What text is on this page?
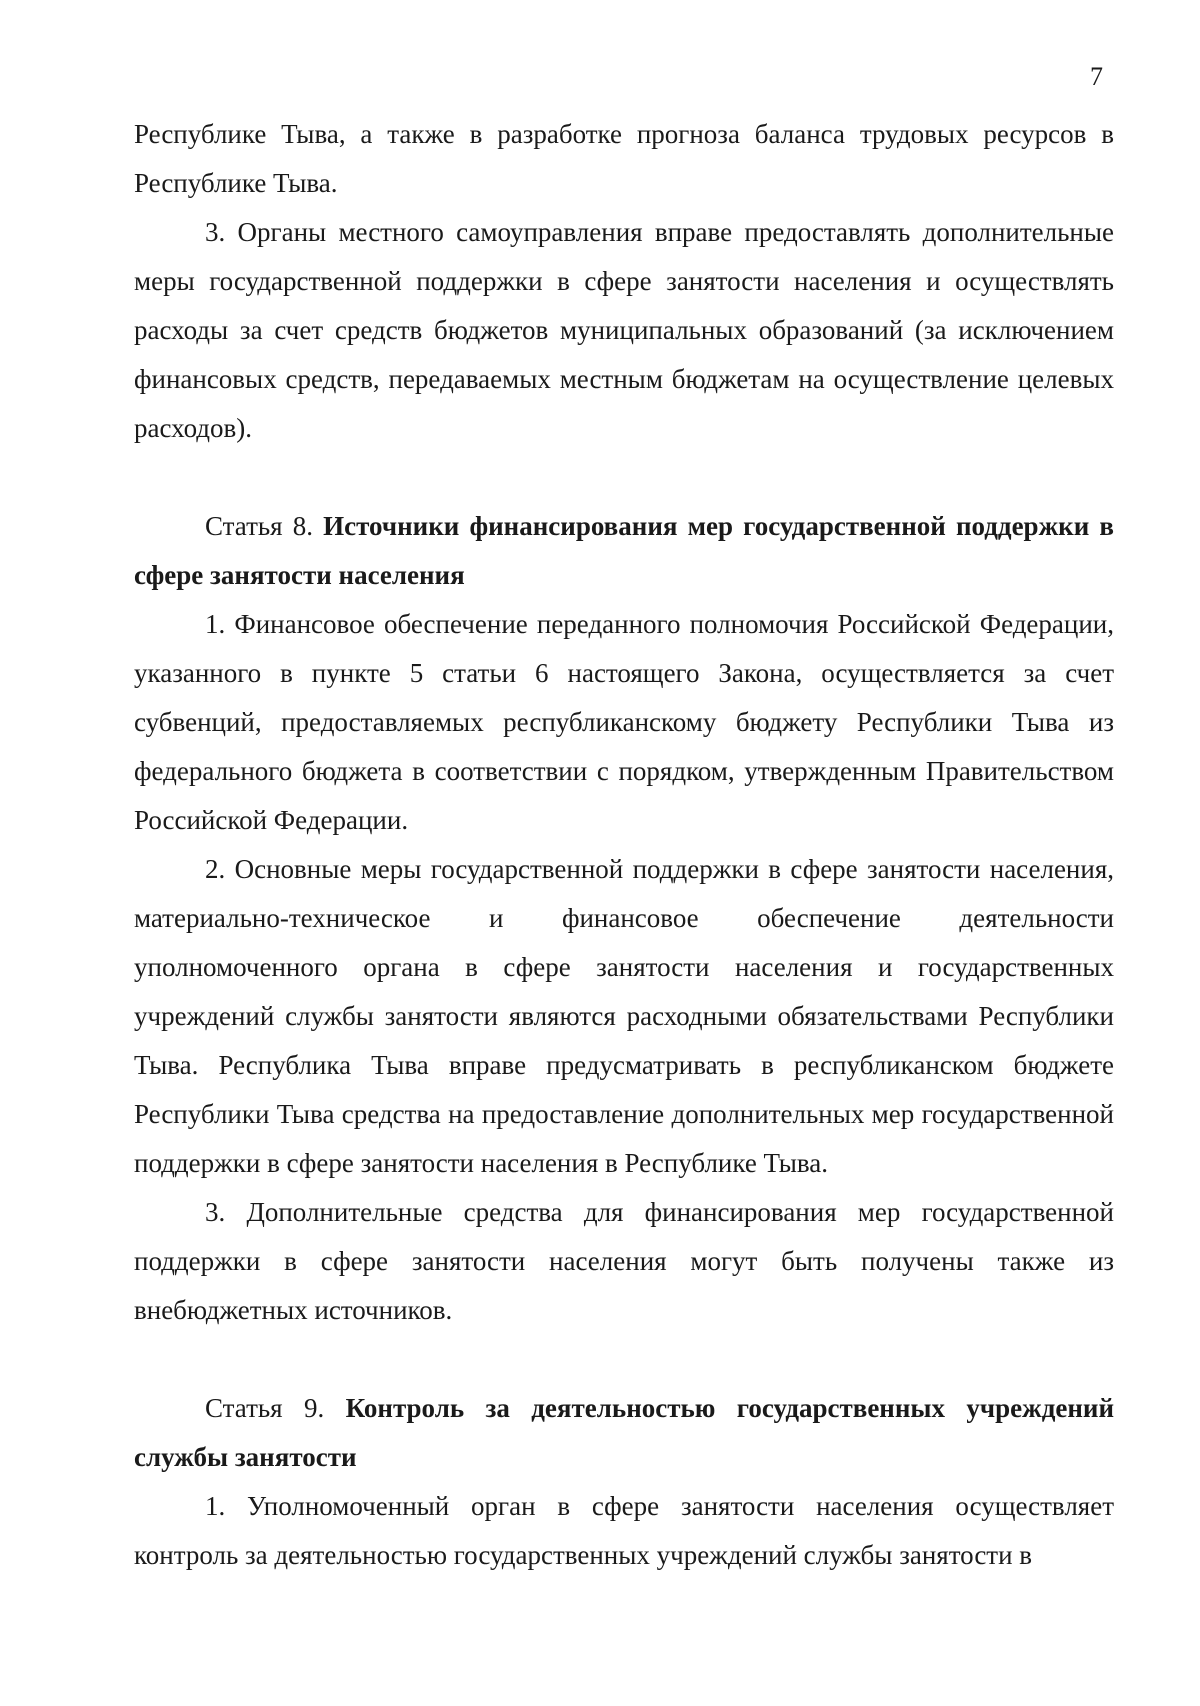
7

Республике Тыва, а также в разработке прогноза баланса трудовых ресурсов в Республике Тыва.

3. Органы местного самоуправления вправе предоставлять дополнительные меры государственной поддержки в сфере занятости населения и осуществлять расходы за счет средств бюджетов муниципальных образований (за исключением финансовых средств, передаваемых местным бюджетам на осуществление целевых расходов).

Статья 8. Источники финансирования мер государственной поддержки в сфере занятости населения

1. Финансовое обеспечение переданного полномочия Российской Федерации, указанного в пункте 5 статьи 6 настоящего Закона, осуществляется за счет субвенций, предоставляемых республиканскому бюджету Республики Тыва из федерального бюджета в соответствии с порядком, утвержденным Правительством Российской Федерации.

2. Основные меры государственной поддержки в сфере занятости населения, материально-техническое и финансовое обеспечение деятельности уполномоченного органа в сфере занятости населения и государственных учреждений службы занятости являются расходными обязательствами Республики Тыва. Республика Тыва вправе предусматривать в республиканском бюджете Республики Тыва средства на предоставление дополнительных мер государственной поддержки в сфере занятости населения в Республике Тыва.

3. Дополнительные средства для финансирования мер государственной поддержки в сфере занятости населения могут быть получены также из внебюджетных источников.

Статья 9. Контроль за деятельностью государственных учреждений службы занятости

1. Уполномоченный орган в сфере занятости населения осуществляет контроль за деятельностью государственных учреждений службы занятости в
